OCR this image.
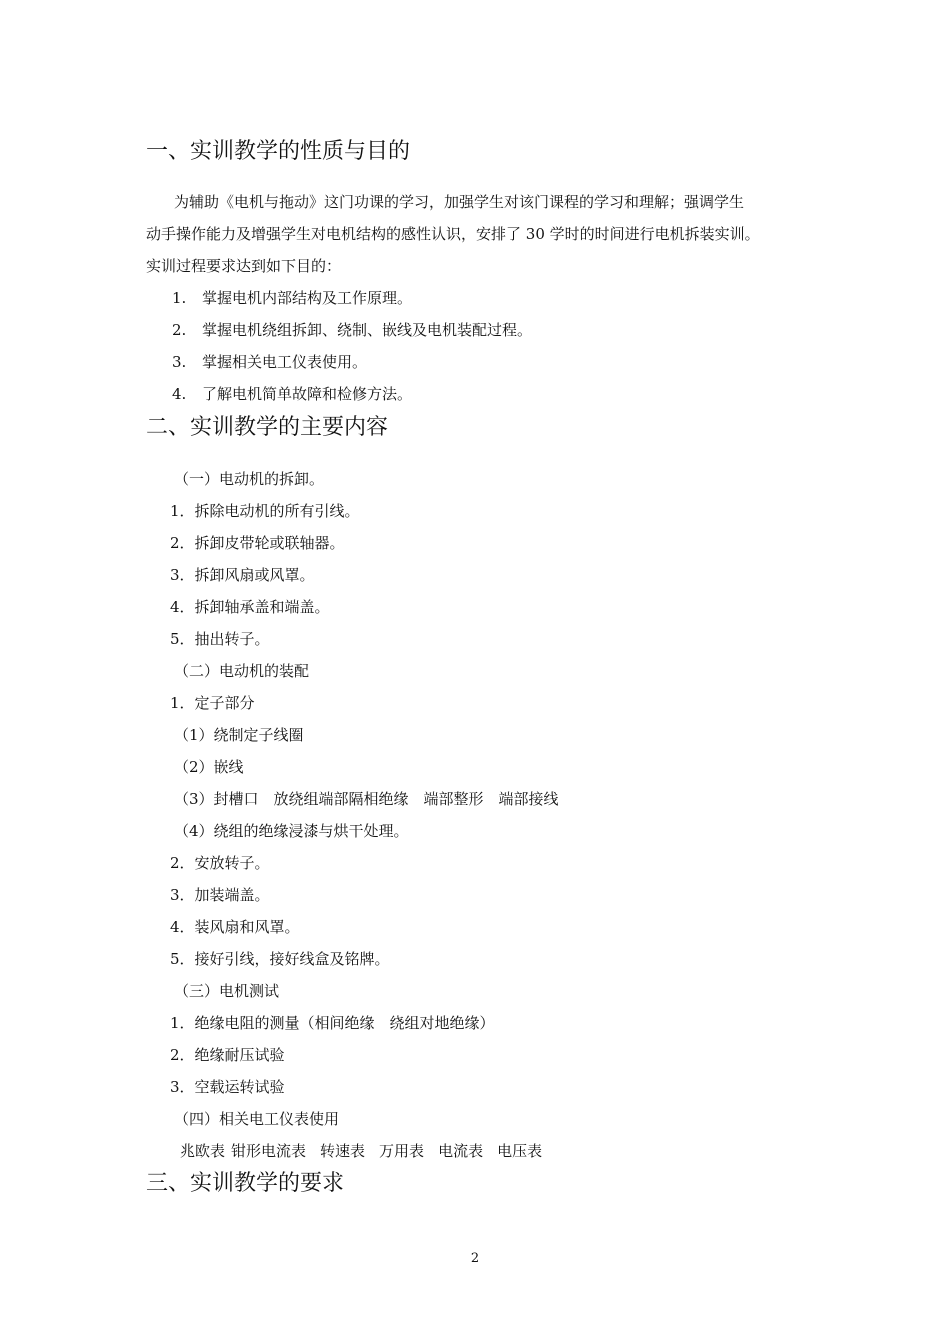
一、实训教学的性质与目的
为辅助《电机与拖动》这门功课的学习，加强学生对该门课程的学习和理解；强调学生
动手操作能力及增强学生对电机结构的感性认识，安排了 30 学时的时间进行电机拆装实训。
实训过程要求达到如下目的：
1. 掌握电机内部结构及工作原理。
2. 掌握电机绕组拆卸、绕制、嵌线及电机装配过程。
3. 掌握相关电工仪表使用。
4. 了解电机简单故障和检修方法。
二、实训教学的主要内容
（一）电动机的拆卸。
1．拆除电动机的所有引线。
2．拆卸皮带轮或联轴器。
3．拆卸风扇或风罩。
4．拆卸轴承盖和端盖。
5．抽出转子。
（二）电动机的装配
1．定子部分
（1）绕制定子线圈
（2）嵌线
（3）封槽口　放绕组端部隔相绝缘　端部整形　端部接线
（4）绕组的绝缘浸漆与烘干处理。
2．安放转子。
3．加装端盖。
4．装风扇和风罩。
5．接好引线，接好线盒及铭牌。
（三）电机测试
1．绝缘电阻的测量（相间绝缘　绕组对地绝缘）
2．绝缘耐压试验
3．空载运转试验
（四）相关电工仪表使用
兆欧表 钳形电流表 转速表 万用表 电流表 电压表
三、实训教学的要求
2
